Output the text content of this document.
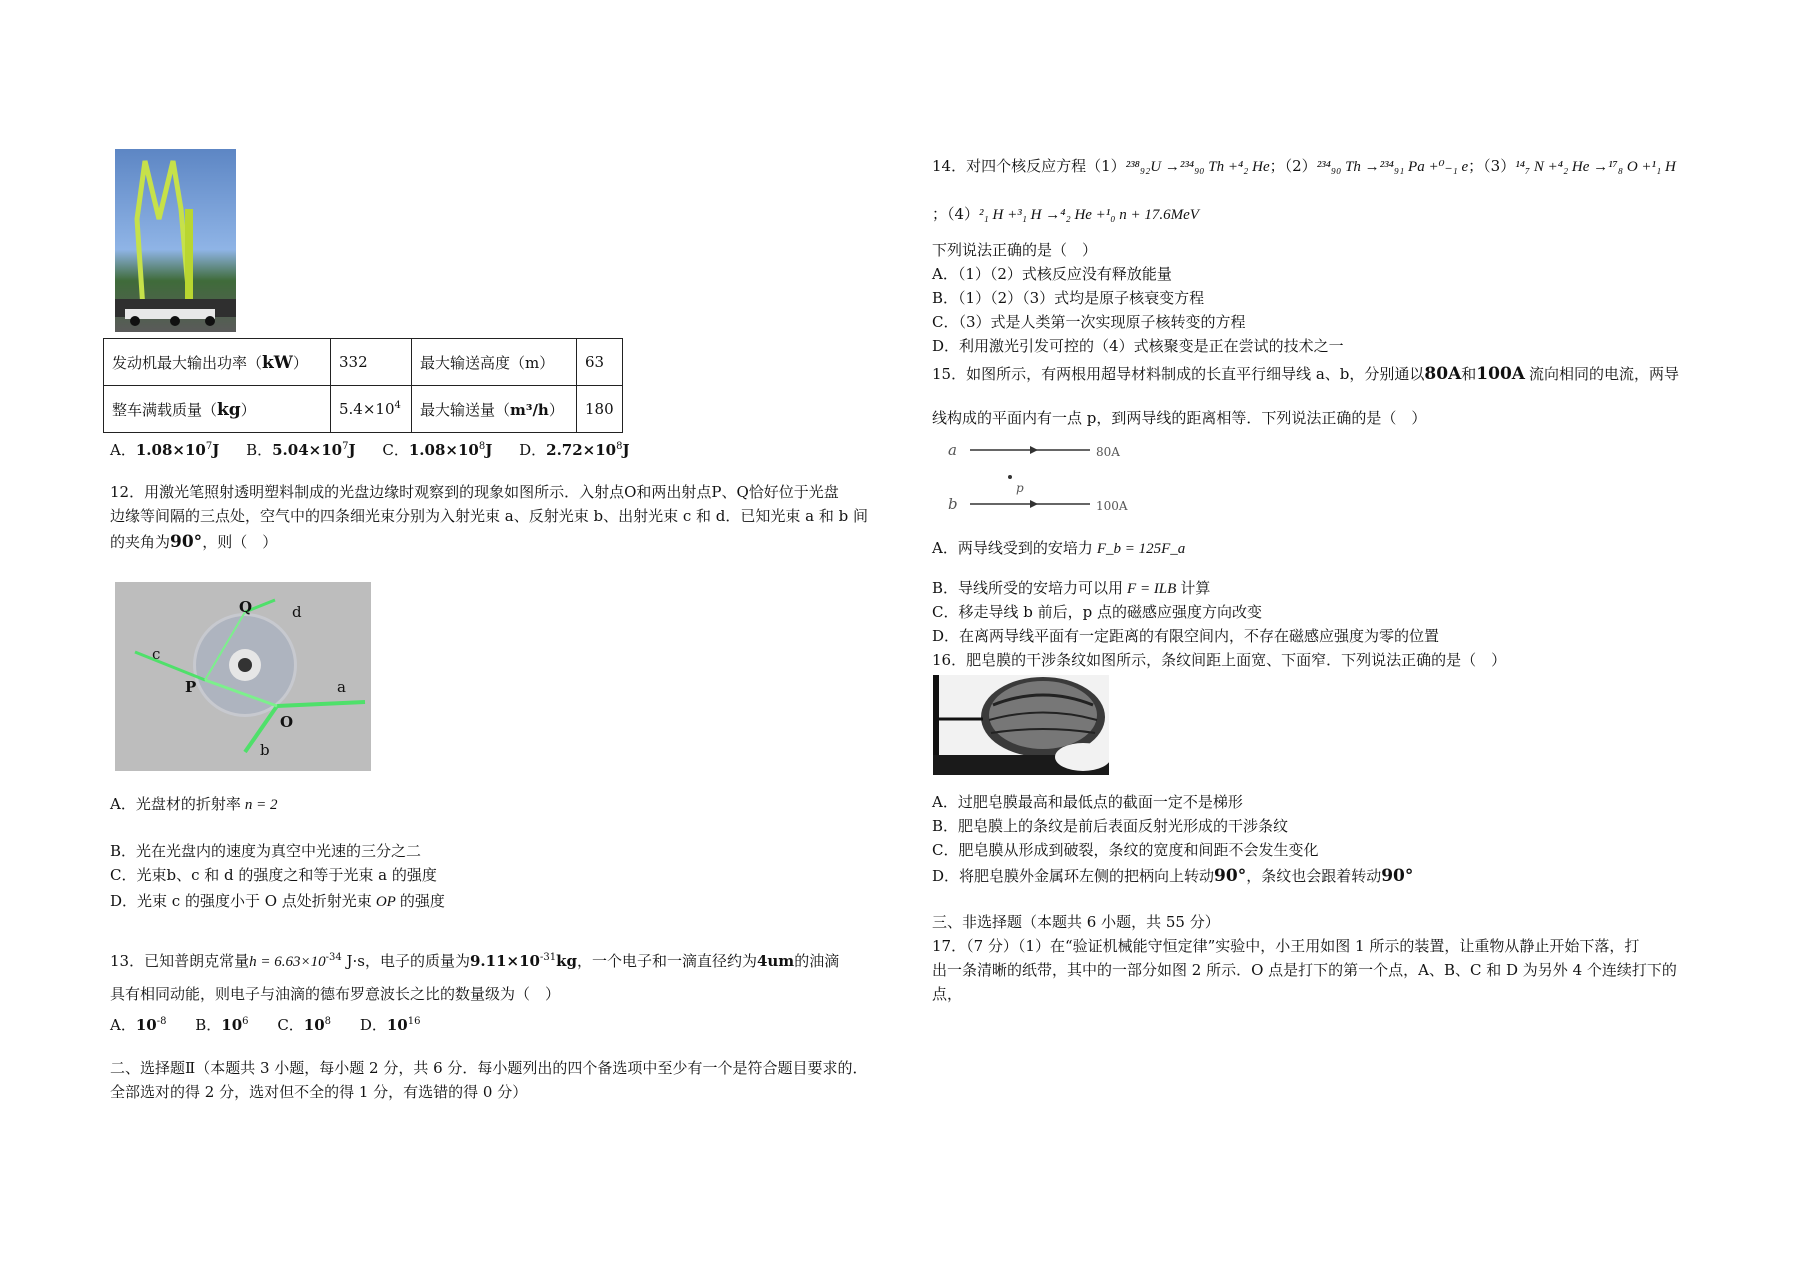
发动机最大输出功率（kW）	332	最大输送高度（m）	63
整车满载质量（kg）	$5.4\times 10^4$	最大输送量（m³/h）	180
A．$1.08\times 10^7J$ B．$5.04\times 10^7J$ C．$1.08\times 10^8J$ D．$2.72\times 10^8J$
12．用激光笔照射透明塑料制成的光盘边缘时观察到的现象如图所示．入射点O和两出射点P、Q恰好位于光盘
边缘等间隔的三点处，空气中的四条细光束分别为入射光束 a、反射光束 b、出射光束 c 和 d．已知光束 a 和 b 间
的夹角为90°，则（　）
Q	d
c
P	a
O
b
A．光盘材的折射率 n = 2
B．光在光盘内的速度为真空中光速的三分之二
C．光束b、c 和 d 的强度之和等于光束 a 的强度
D．光束 c 的强度小于 O 点处折射光束 OP 的强度
13．已知普朗克常量$h = 6.63\times 10^{-34}$ J·s，电子的质量为$9.11\times 10^{-31}kg$，一个电子和一滴直径约为4um的油滴
具有相同动能，则电子与油滴的德布罗意波长之比的数量级为（　）
A．$10^{-8}$ B．$10^6$ C．$10^8$ D．$10^{16}$
二、选择题Ⅱ（本题共 3 小题，每小题 2 分，共 6 分．每小题列出的四个备选项中至少有一个是符合题目要求的．
全部选对的得 2 分，选对但不全的得 1 分，有选错的得 0 分）
14．对四个核反应方程（1）²³⁸₉₂U →²³⁴₉₀ Th +⁴₂ He；（2）²³⁴₉₀ Th →²³⁴₉₁ Pa +⁰₋₁ e；（3）¹⁴₇ N +⁴₂ He →¹⁷₈ O +¹₁ H
；（4）²₁ H +³₁ H →⁴₂ He +¹₀ n + 17.6MeV
下列说法正确的是（　）
A．（1）（2）式核反应没有释放能量
B．（1）（2）（3）式均是原子核衰变方程
C．（3）式是人类第一次实现原子核转变的方程
D．利用激光引发可控的（4）式核聚变是正在尝试的技术之一
15．如图所示，有两根用超导材料制成的长直平行细导线 a、b，分别通以80A和100A 流向相同的电流，两导
线构成的平面内有一点 p，到两导线的距离相等．下列说法正确的是（　）
a
b
p
80A
100A
A．两导线受到的安培力 F_b = 125F_a
B．导线所受的安培力可以用 F = ILB 计算
C．移走导线 b 前后，p 点的磁感应强度方向改变
D．在离两导线平面有一定距离的有限空间内，不存在磁感应强度为零的位置
16．肥皂膜的干涉条纹如图所示，条纹间距上面宽、下面窄．下列说法正确的是（　）
A．过肥皂膜最高和最低点的截面一定不是梯形
B．肥皂膜上的条纹是前后表面反射光形成的干涉条纹
C．肥皂膜从形成到破裂，条纹的宽度和间距不会发生变化
D．将肥皂膜外金属环左侧的把柄向上转动90°，条纹也会跟着转动90°
三、非选择题（本题共 6 小题，共 55 分）
17．（7 分）（1）在“验证机械能守恒定律”实验中，小王用如图 1 所示的装置，让重物从静止开始下落，打
出一条清晰的纸带，其中的一部分如图 2 所示．O 点是打下的第一个点，A、B、C 和 D 为另外 4 个连续打下的
点，
